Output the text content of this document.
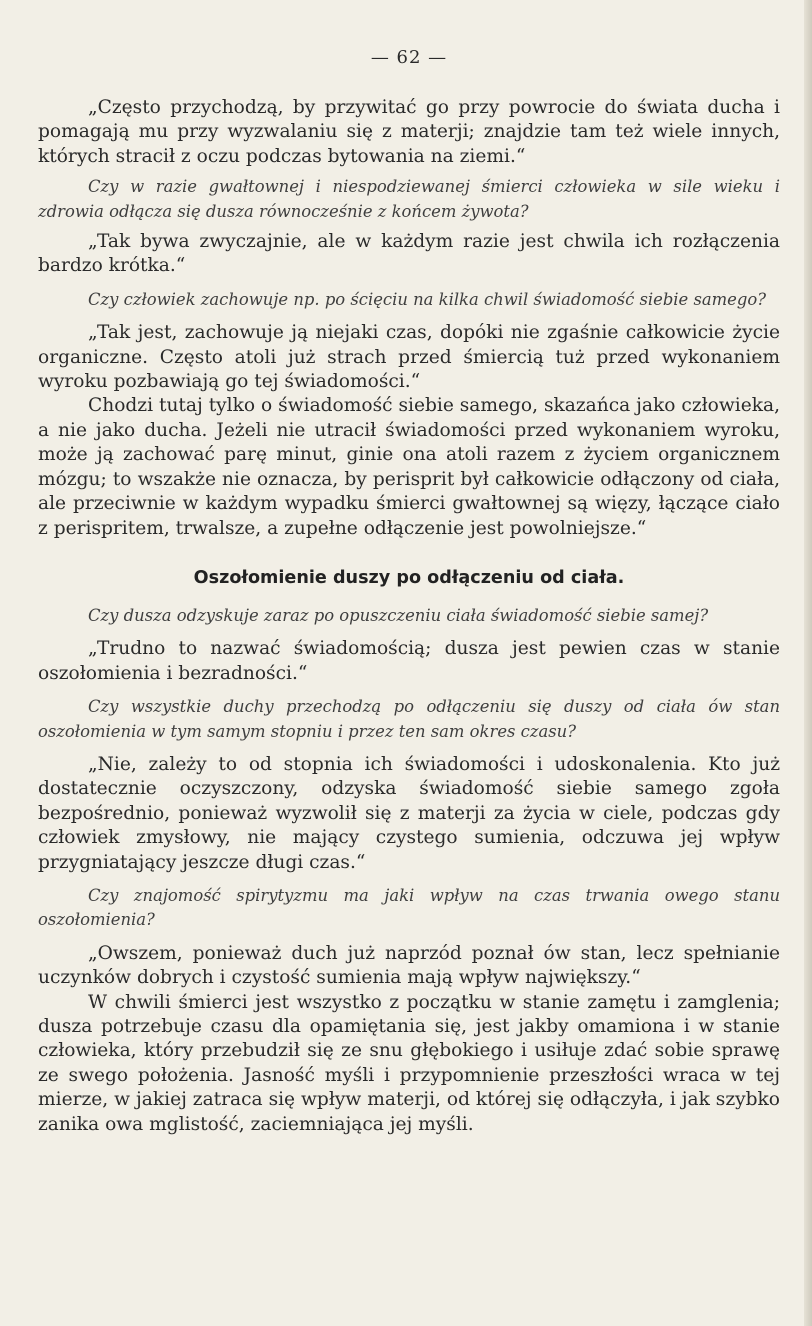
— 62 —

„Często przychodzą, by przywitać go przy powrocie do świata ducha i pomagają mu przy wyzwalaniu się z materji; znajdzie tam też wiele innych, których stracił z oczu podczas bytowania na ziemi.“

Czy w razie gwałtownej i niespodziewanej śmierci człowieka w sile wieku i zdrowia odłącza się dusza równocześnie z końcem żywota?

„Tak bywa zwyczajnie, ale w każdym razie jest chwila ich rozłączenia bardzo krótka.“

Czy człowiek zachowuje np. po ścięciu na kilka chwil świadomość siebie samego?

„Tak jest, zachowuje ją niejaki czas, dopóki nie zgaśnie całkowicie życie organiczne. Często atoli już strach przed śmiercią tuż przed wykonaniem wyroku pozbawiają go tej świadomości.“

Chodzi tutaj tylko o świadomość siebie samego, skazańca jako człowieka, a nie jako ducha. Jeżeli nie utracił świadomości przed wykonaniem wyroku, może ją zachować parę minut, ginie ona atoli razem z życiem organicznem mózgu; to wszakże nie oznacza, by perisprit był całkowicie odłączony od ciała, ale przeciwnie w każdym wypadku śmierci gwałtownej są więzy, łączące ciało z perispritem, trwalsze, a zupełne odłączenie jest powolniejsze.“

Oszołomienie duszy po odłączeniu od ciała.

Czy dusza odzyskuje zaraz po opuszczeniu ciała świadomość siebie samej?

„Trudno to nazwać świadomością; dusza jest pewien czas w stanie oszołomienia i bezradności.“

Czy wszystkie duchy przechodzą po odłączeniu się duszy od ciała ów stan oszołomienia w tym samym stopniu i przez ten sam okres czasu?

„Nie, zależy to od stopnia ich świadomości i udoskonalenia. Kto już dostatecznie oczyszczony, odzyska świadomość siebie samego zgoła bezpośrednio, ponieważ wyzwolił się z materji za życia w ciele, podczas gdy człowiek zmysłowy, nie mający czystego sumienia, odczuwa jej wpływ przygniatający jeszcze długi czas.“

Czy znajomość spirytyzmu ma jaki wpływ na czas trwania owego stanu oszołomienia?

„Owszem, ponieważ duch już naprzód poznał ów stan, lecz spełnianie uczynków dobrych i czystość sumienia mają wpływ największy.“

W chwili śmierci jest wszystko z początku w stanie zamętu i zamglenia; dusza potrzebuje czasu dla opamiętania się, jest jakby omamiona i w stanie człowieka, który przebudził się ze snu głębokiego i usiłuje zdać sobie sprawę ze swego położenia. Jasność myśli i przypomnienie przeszłości wraca w tej mierze, w jakiej zatraca się wpływ materji, od której się odłączyła, i jak szybko zanika owa mglistość, zaciemniająca jej myśli.
